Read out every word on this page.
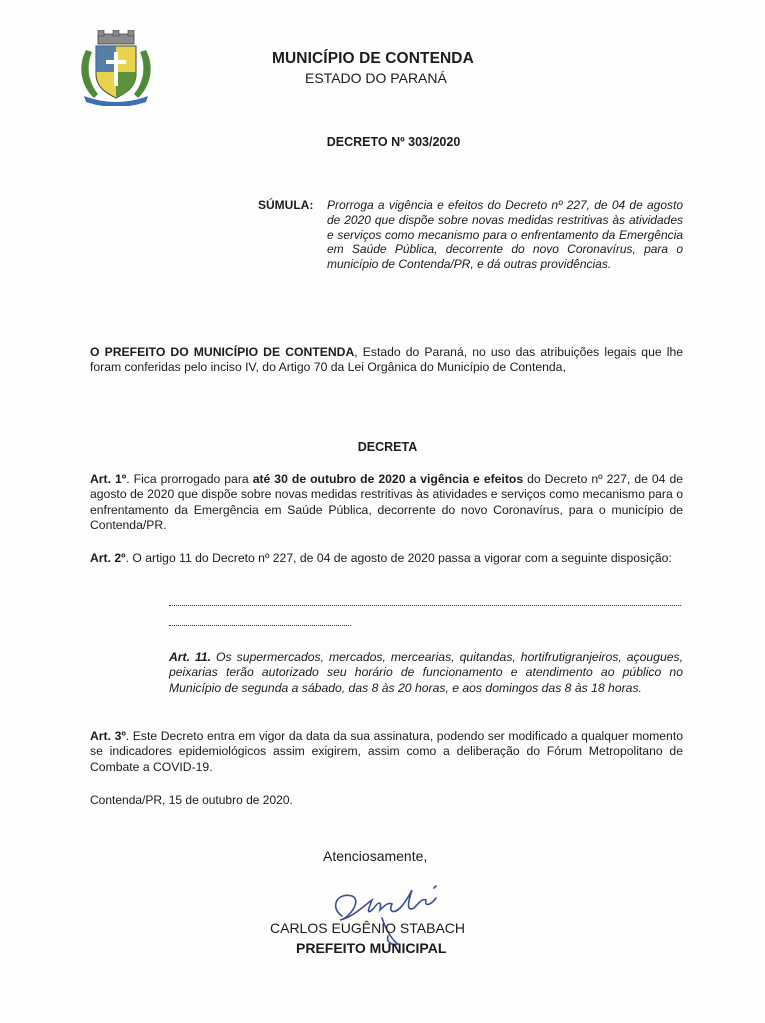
MUNICÍPIO DE CONTENDA
ESTADO DO PARANÁ
DECRETO Nº 303/2020
SÚMULA: Prorroga a vigência e efeitos do Decreto nº 227, de 04 de agosto de 2020 que dispõe sobre novas medidas restritivas às atividades e serviços como mecanismo para o enfrentamento da Emergência em Saúde Pública, decorrente do novo Coronavírus, para o município de Contenda/PR, e dá outras providências.
O PREFEITO DO MUNICÍPIO DE CONTENDA, Estado do Paraná, no uso das atribuições legais que lhe foram conferidas pelo inciso IV, do Artigo 70 da Lei Orgânica do Município de Contenda,
DECRETA
Art. 1º. Fica prorrogado para até 30 de outubro de 2020 a vigência e efeitos do Decreto nº 227, de 04 de agosto de 2020 que dispõe sobre novas medidas restritivas às atividades e serviços como mecanismo para o enfrentamento da Emergência em Saúde Pública, decorrente do novo Coronavírus, para o município de Contenda/PR.
Art. 2º. O artigo 11 do Decreto nº 227, de 04 de agosto de 2020 passa a vigorar com a seguinte disposição:
Art. 11. Os supermercados, mercados, mercearias, quitandas, hortifrutigranjeiros, açougues, peixarias terão autorizado seu horário de funcionamento e atendimento ao público no Município de segunda a sábado, das 8 às 20 horas, e aos domingos das 8 às 18 horas.
Art. 3º. Este Decreto entra em vigor da data da sua assinatura, podendo ser modificado a qualquer momento se indicadores epidemiológicos assim exigirem, assim como a deliberação do Fórum Metropolitano de Combate a COVID-19.
Contenda/PR, 15 de outubro de 2020.
Atenciosamente,
CARLOS EUGÊNIO STABACH
PREFEITO MUNICIPAL
